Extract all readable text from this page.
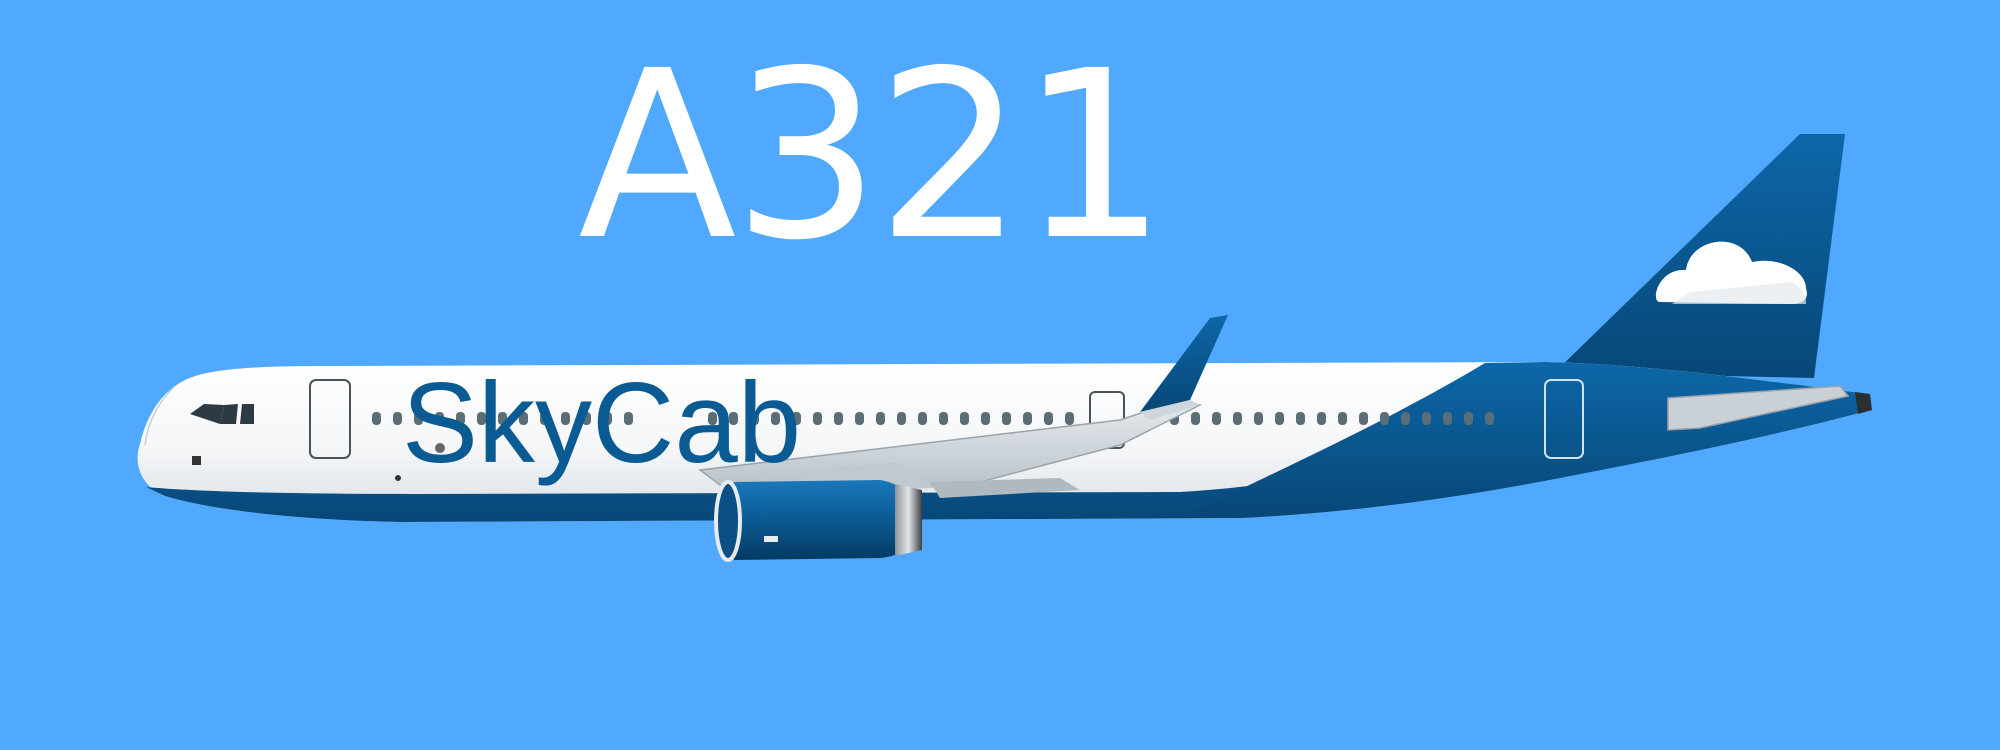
A321
SkyCab
